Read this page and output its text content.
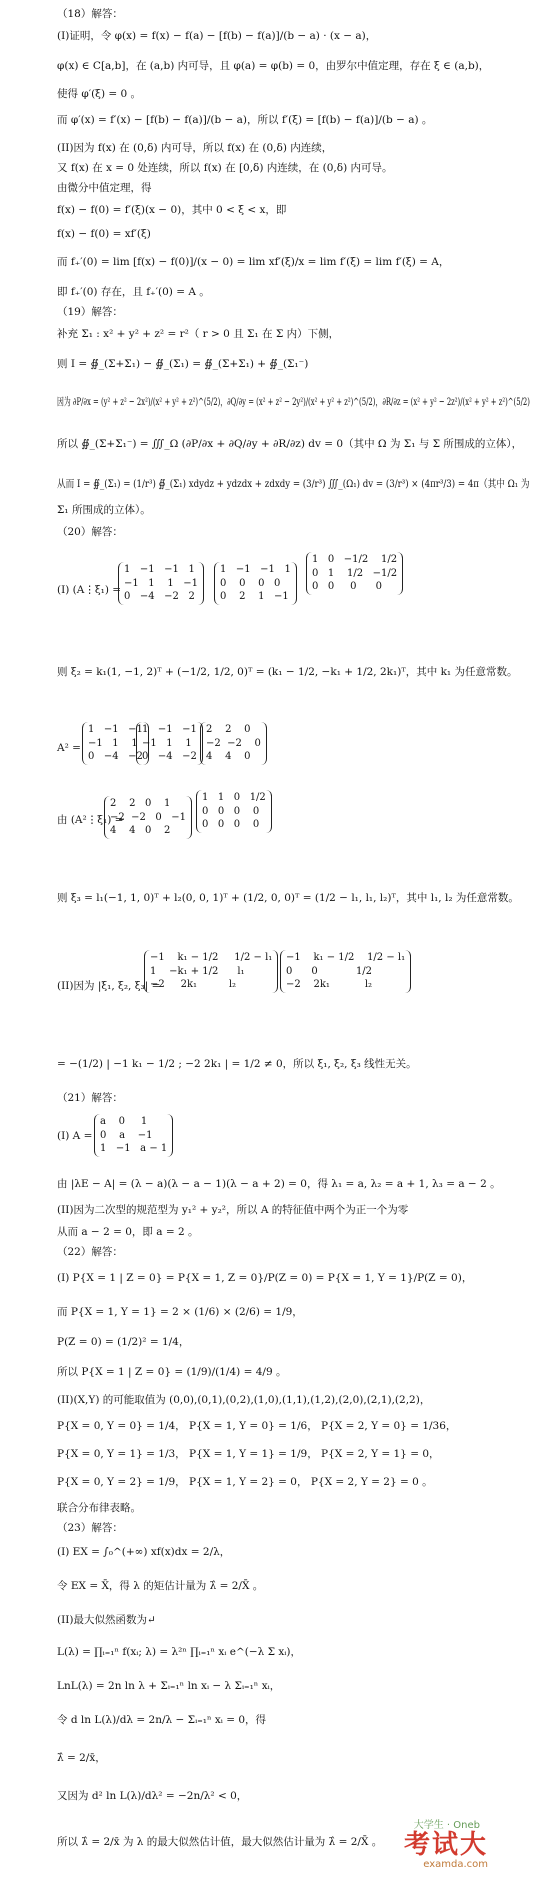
（18）解答：
(I)证明，令 φ(x) = f(x) − f(a) − [f(b) − f(a)]/(b − a) · (x − a)，
φ(x) ∈ C[a,b]，在 (a,b) 内可导，且 φ(a) = φ(b) = 0，由罗尔中值定理，存在 ξ ∈ (a,b)，
使得 φ′(ξ) = 0 。
而 φ′(x) = f′(x) − [f(b) − f(a)]/(b − a)，所以 f′(ξ) = [f(b) − f(a)]/(b − a) 。
(II)因为 f(x) 在 (0,δ) 内可导，所以 f(x) 在 (0,δ) 内连续，
又 f(x) 在 x = 0 处连续，所以 f(x) 在 [0,δ) 内连续，在 (0,δ) 内可导。
由微分中值定理，得
f(x) − f(0) = f′(ξ)(x − 0)，其中 0 < ξ < x，即
f(x) − f(0) = xf′(ξ)
而 f₊′(0) = lim [f(x) − f(0)]/(x − 0) = lim xf′(ξ)/x = lim f′(ξ) = lim f′(ξ) = A，
即 f₊′(0) 存在，且 f₊′(0) = A 。
（19）解答：
补充 Σ₁ : x² + y² + z² = r²（ r > 0 且 Σ₁ 在 Σ 内）下侧，
则 I = ∯_(Σ+Σ₁) − ∯_(Σ₁) = ∯_(Σ+Σ₁) + ∯_(Σ₁⁻)
因为 ∂P/∂x = (y² + z² − 2x²)/(x² + y² + z²)^(5/2)，∂Q/∂y = (x² + z² − 2y²)/(x² + y² + z²)^(5/2)，∂R/∂z = (x² + y² − 2z²)/(x² + y² + z²)^(5/2)
所以 ∯_(Σ+Σ₁⁻) = ∭_Ω (∂P/∂x + ∂Q/∂y + ∂R/∂z) dv = 0（其中 Ω 为 Σ₁ 与 Σ 所围成的立体），
从而 I = ∯_(Σ₁) = (1/r³) ∯_(Σ₁) xdydz + ydzdx + zdxdy = (3/r³) ∭_(Ω₁) dv = (3/r³) × (4πr³/3) = 4π（其中 Ω₁ 为
Σ₁ 所围成的立体）。
（20）解答：
(I) (A⋮ξ₁) =
则 ξ₂ = k₁(1, −1, 2)ᵀ + (−1/2, 1/2, 0)ᵀ = (k₁ − 1/2, −k₁ + 1/2, 2k₁)ᵀ，其中 k₁ 为任意常数。
A² =
由 (A²⋮ξ₁) =
则 ξ₃ = l₁(−1, 1, 0)ᵀ + l₂(0, 0, 1)ᵀ + (1/2, 0, 0)ᵀ = (1/2 − l₁, l₁, l₂)ᵀ，其中 l₁, l₂ 为任意常数。
(II)因为 |ξ₁, ξ₂, ξ₃| =
= −(1/2) | −1 k₁ − 1/2 ; −2 2k₁ | = 1/2 ≠ 0，所以 ξ₁, ξ₂, ξ₃ 线性无关。
（21）解答：
(I) A =
由 |λE − A| = (λ − a)(λ − a − 1)(λ − a + 2) = 0，得 λ₁ = a, λ₂ = a + 1, λ₃ = a − 2 。
(II)因为二次型的规范型为 y₁² + y₂²，所以 A 的特征值中两个为正一个为零
从而 a − 2 = 0，即 a = 2 。
（22）解答：
(I) P{X = 1 | Z = 0} = P{X = 1, Z = 0}/P(Z = 0) = P{X = 1, Y = 1}/P(Z = 0)，
而 P{X = 1, Y = 1} = 2 × (1/6) × (2/6) = 1/9，
P(Z = 0) = (1/2)² = 1/4，
所以 P{X = 1 | Z = 0} = (1/9)/(1/4) = 4/9 。
(II)(X,Y) 的可能取值为 (0,0),(0,1),(0,2),(1,0),(1,1),(1,2),(2,0),(2,1),(2,2)，
P{X = 0, Y = 0} = 1/4， P{X = 1, Y = 0} = 1/6， P{X = 2, Y = 0} = 1/36，
P{X = 0, Y = 1} = 1/3， P{X = 1, Y = 1} = 1/9， P{X = 2, Y = 1} = 0，
P{X = 0, Y = 2} = 1/9， P{X = 1, Y = 2} = 0， P{X = 2, Y = 2} = 0 。
联合分布律表略。
（23）解答：
(I) EX = ∫₀^(+∞) xf(x)dx = 2/λ，
令 EX = X̄，得 λ 的矩估计量为 λ̂ = 2/X̄ 。
(II)最大似然函数为↵
L(λ) = ∏ᵢ₌₁ⁿ f(xᵢ; λ) = λ²ⁿ ∏ᵢ₌₁ⁿ xᵢ e^(−λ Σ xᵢ)，
LnL(λ) = 2n ln λ + Σᵢ₌₁ⁿ ln xᵢ − λ Σᵢ₌₁ⁿ xᵢ，
令 d ln L(λ)/dλ = 2n/λ − Σᵢ₌₁ⁿ xᵢ = 0，得
λ̂ = 2/x̄，
又因为 d² ln L(λ)/dλ² = −2n/λ² < 0，
所以 λ̂ = 2/x̄ 为 λ 的最大似然估计值，最大似然估计量为 λ̂ = 2/X̄ 。
1   −1   −1   1
−1   1    1   −1
0   −4   −2   2
1   −1   −1   1
0    0    0   0
0    2    1   −1
1   0   −1/2    1/2
0   1    1/2   −1/2
0   0     0      0
1   −1   −1
−1   1    1
0   −4   −2
1   −1   −1
−1   1    1
0   −4   −2
2    2    0
−2  −2    0
4    4    0
2    2   0    1
−2  −2   0   −1
4    4   0    2
1   1   0   1/2
0   0   0    0
0   0   0    0
−1    k₁ − 1/2     1/2 − l₁
1    −k₁ + 1/2      l₁
−2     2k₁          l₂
−1    k₁ − 1/2    1/2 − l₁
0      0            1/2
−2    2k₁           l₂
a    0     1
0    a    −1
1   −1   a − 1
大学生 · Oneb
考试大
examda.com
